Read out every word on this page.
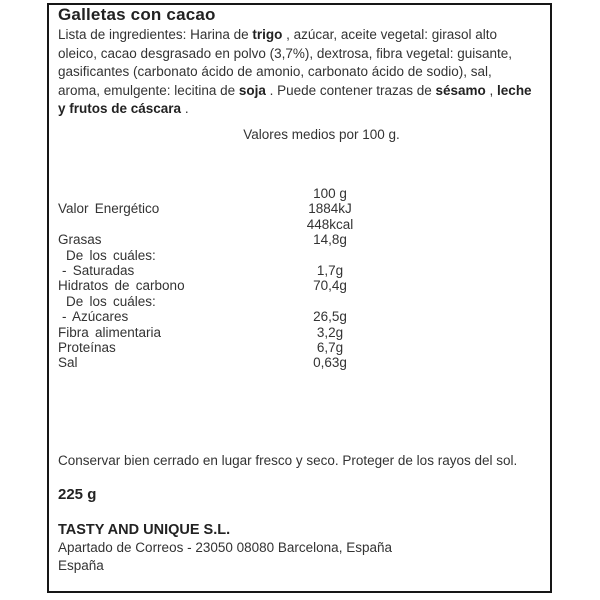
Galletas con cacao

Lista de ingredientes: Harina de trigo , azúcar, aceite vegetal: girasol alto oleico, cacao desgrasado en polvo (3,7%), dextrosa, fibra vegetal: guisante, gasificantes (carbonato ácido de amonio, carbonato ácido de sodio), sal, aroma, emulgente: lecitina de soja . Puede contener trazas de sésamo , leche y frutos de cáscara .

Valores medios por 100 g.
100 g
Valor Energético	1884kJ
448kcal
Grasas	14,8g
De los cuáles:
- Saturadas	1,7g
Hidratos de carbono	70,4g
De los cuáles:
- Azúcares	26,5g
Fibra alimentaria	3,2g
Proteínas	6,7g
Sal	0,63g

Conservar bien cerrado en lugar fresco y seco. Proteger de los rayos del sol.

225 g

TASTY AND UNIQUE S.L.
Apartado de Correos - 23050 08080 Barcelona, España
España
